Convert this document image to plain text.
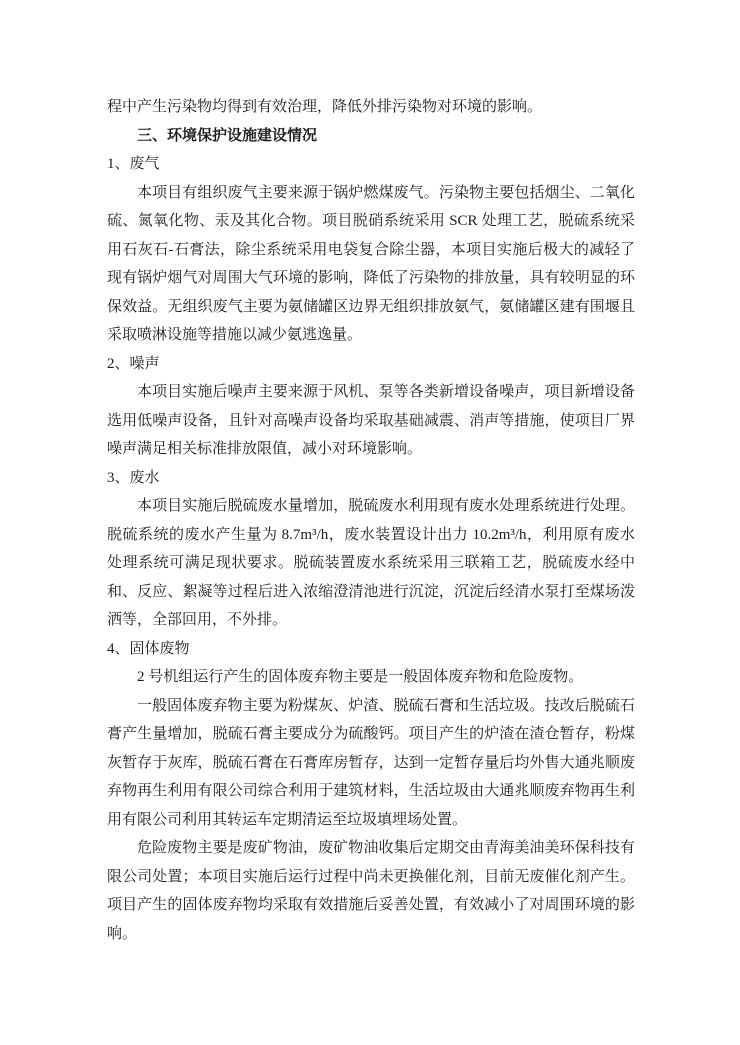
程中产生污染物均得到有效治理，降低外排污染物对环境的影响。

三、环境保护设施建设情况

1、废气

本项目有组织废气主要来源于锅炉燃煤废气。污染物主要包括烟尘、二氧化硫、氮氧化物、汞及其化合物。项目脱硝系统采用 SCR 处理工艺，脱硫系统采用石灰石-石膏法，除尘系统采用电袋复合除尘器，本项目实施后极大的减轻了现有锅炉烟气对周围大气环境的影响，降低了污染物的排放量，具有较明显的环保效益。无组织废气主要为氨储罐区边界无组织排放氨气，氨储罐区建有围堰且采取喷淋设施等措施以减少氨逃逸量。

2、噪声

本项目实施后噪声主要来源于风机、泵等各类新增设备噪声，项目新增设备选用低噪声设备，且针对高噪声设备均采取基础减震、消声等措施，使项目厂界噪声满足相关标准排放限值，减小对环境影响。

3、废水

本项目实施后脱硫废水量增加，脱硫废水利用现有废水处理系统进行处理。脱硫系统的废水产生量为 8.7m³/h，废水装置设计出力 10.2m³/h，利用原有废水处理系统可满足现状要求。脱硫装置废水系统采用三联箱工艺，脱硫废水经中和、反应、絮凝等过程后进入浓缩澄清池进行沉淀，沉淀后经清水泵打至煤场泼洒等，全部回用，不外排。

4、固体废物

2 号机组运行产生的固体废弃物主要是一般固体废弃物和危险废物。

一般固体废弃物主要为粉煤灰、炉渣、脱硫石膏和生活垃圾。技改后脱硫石膏产生量增加，脱硫石膏主要成分为硫酸钙。项目产生的炉渣在渣仓暂存，粉煤灰暂存于灰库，脱硫石膏在石膏库房暂存，达到一定暂存量后均外售大通兆顺废弃物再生利用有限公司综合利用于建筑材料，生活垃圾由大通兆顺废弃物再生利用有限公司利用其转运车定期清运至垃圾填埋场处置。

危险废物主要是废矿物油，废矿物油收集后定期交由青海美油美环保科技有限公司处置；本项目实施后运行过程中尚未更换催化剂，目前无废催化剂产生。项目产生的固体废弃物均采取有效措施后妥善处置，有效减小了对周围环境的影响。
